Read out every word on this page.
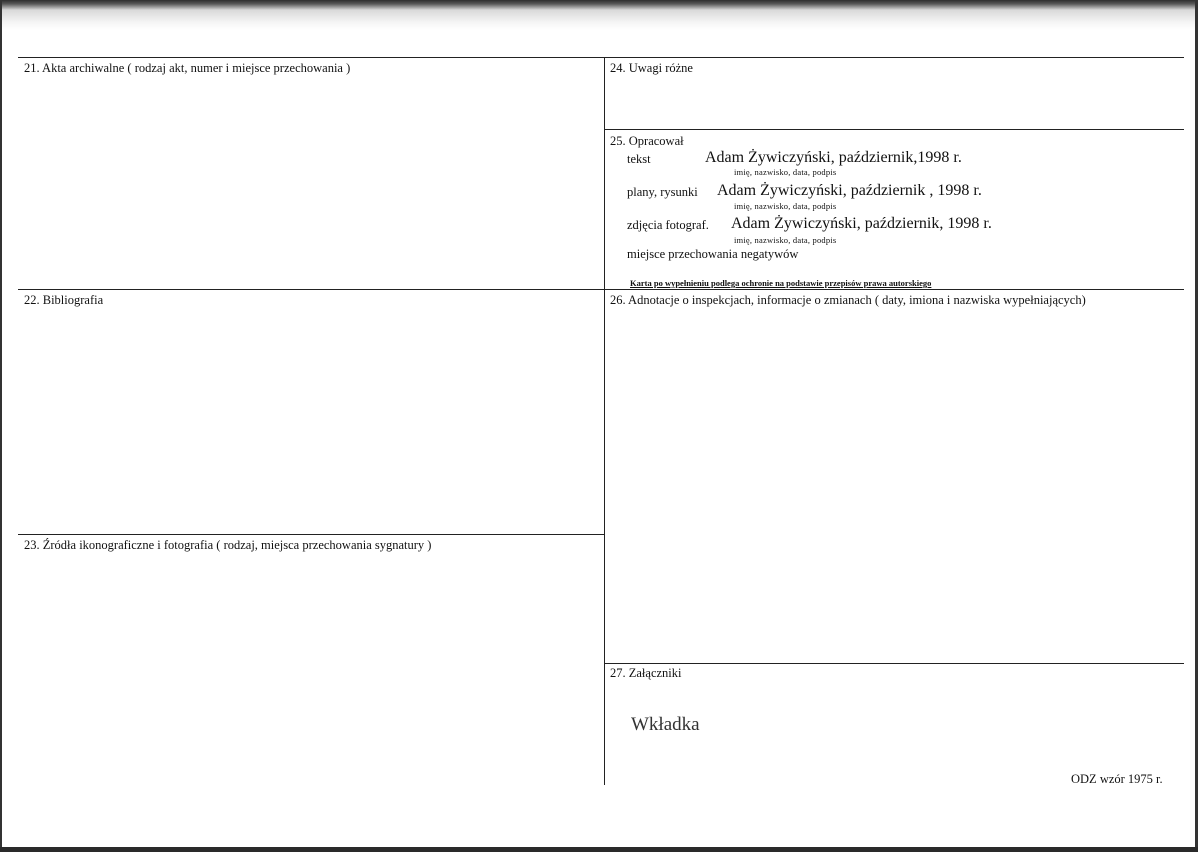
21. Akta archiwalne ( rodzaj akt, numer i miejsce przechowania )	24. Uwagi różne
25. Opracował
tekst	Adam Żywiczyński, październik,1998 r.
imię, nazwisko, data, podpis
plany, rysunki Adam Żywiczyński, październik , 1998 r.
imię, nazwisko, data, podpis
zdjęcia fotograf. Adam Żywiczyński, październik, 1998 r.
imię, nazwisko, data, podpis
miejsce przechowania negatywów
Karta po wypełnieniu podlega ochronie na podstawie przepisów prawa autorskiego
22. Bibliografia	26. Adnotacje o inspekcjach, informacje o zmianach ( daty, imiona i nazwiska wypełniających)
23. Źródła ikonograficzne i fotografia ( rodzaj, miejsca przechowania sygnatury )
27. Załączniki
Wkładka
ODZ wzór 1975 r.
